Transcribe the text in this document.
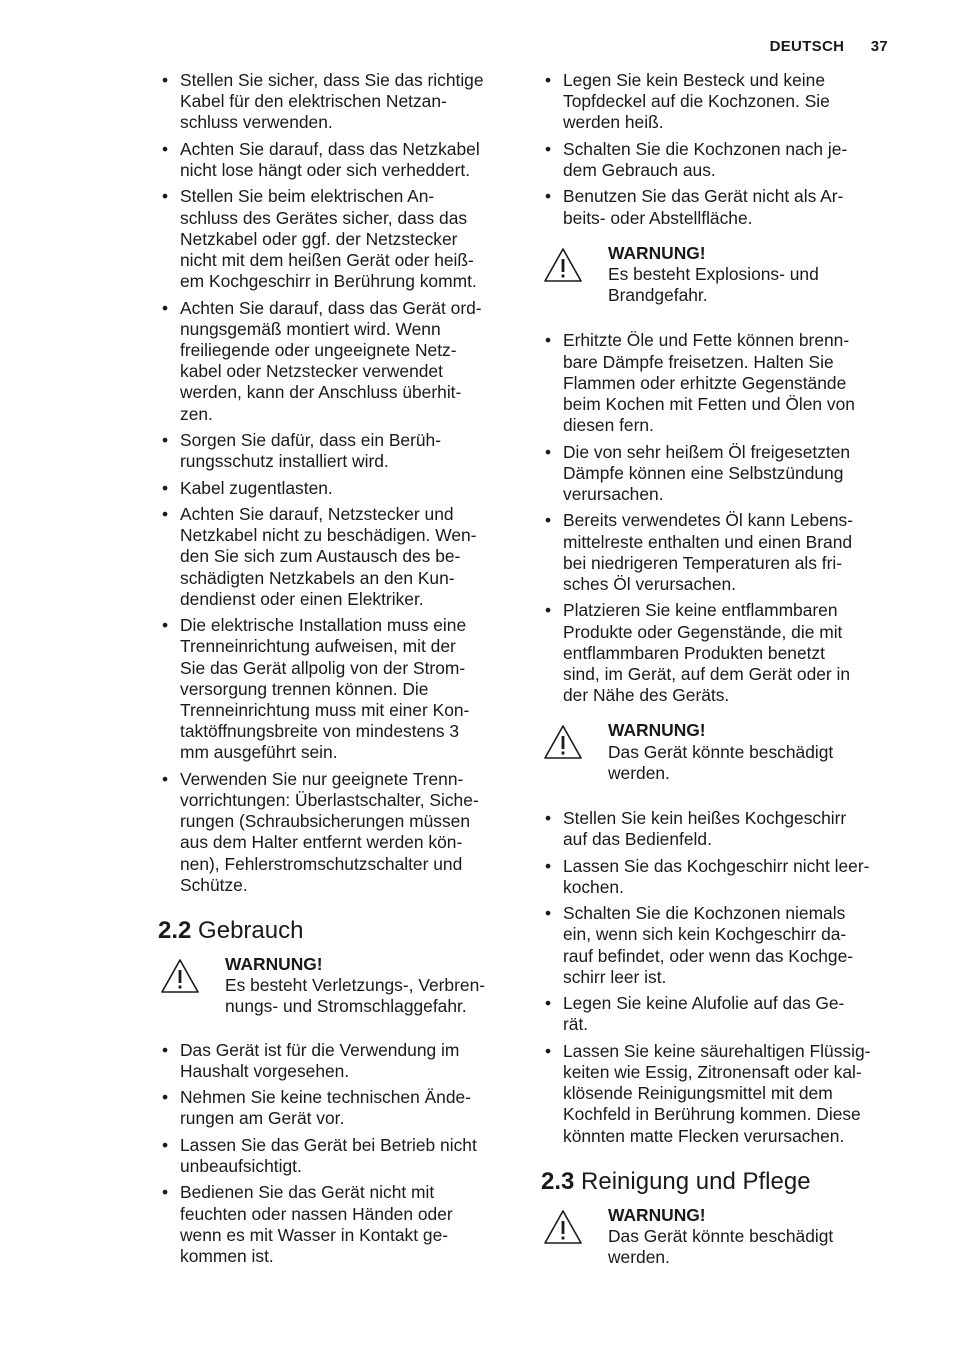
DEUTSCH 37
• Stellen Sie sicher, dass Sie das richtige
Kabel für den elektrischen Netzan-
schluss verwenden.
• Achten Sie darauf, dass das Netzkabel
nicht lose hängt oder sich verheddert.
• Stellen Sie beim elektrischen An-
schluss des Gerätes sicher, dass das
Netzkabel oder ggf. der Netzstecker
nicht mit dem heißen Gerät oder heiß-
em Kochgeschirr in Berührung kommt.
• Achten Sie darauf, dass das Gerät ord-
nungsgemäß montiert wird. Wenn
freiliegende oder ungeeignete Netz-
kabel oder Netzstecker verwendet
werden, kann der Anschluss überhit-
zen.
• Sorgen Sie dafür, dass ein Berüh-
rungsschutz installiert wird.
• Kabel zugentlasten.
• Achten Sie darauf, Netzstecker und
Netzkabel nicht zu beschädigen. Wen-
den Sie sich zum Austausch des be-
schädigten Netzkabels an den Kun-
dendienst oder einen Elektriker.
• Die elektrische Installation muss eine
Trenneinrichtung aufweisen, mit der
Sie das Gerät allpolig von der Strom-
versorgung trennen können. Die
Trenneinrichtung muss mit einer Kon-
taktöffnungsbreite von mindestens 3
mm ausgeführt sein.
• Verwenden Sie nur geeignete Trenn-
vorrichtungen: Überlastschalter, Siche-
rungen (Schraubsicherungen müssen
aus dem Halter entfernt werden kön-
nen), Fehlerstromschutzschalter und
Schütze.
2.2 Gebrauch
WARNUNG!
Es besteht Verletzungs-, Verbren-
nungs- und Stromschlaggefahr.
• Das Gerät ist für die Verwendung im
Haushalt vorgesehen.
• Nehmen Sie keine technischen Ände-
rungen am Gerät vor.
• Lassen Sie das Gerät bei Betrieb nicht
unbeaufsichtigt.
• Bedienen Sie das Gerät nicht mit
feuchten oder nassen Händen oder
wenn es mit Wasser in Kontakt ge-
kommen ist.
• Legen Sie kein Besteck und keine
Topfdeckel auf die Kochzonen. Sie
werden heiß.
• Schalten Sie die Kochzonen nach je-
dem Gebrauch aus.
• Benutzen Sie das Gerät nicht als Ar-
beits- oder Abstellfläche.
WARNUNG!
Es besteht Explosions- und
Brandgefahr.
• Erhitzte Öle und Fette können brenn-
bare Dämpfe freisetzen. Halten Sie
Flammen oder erhitzte Gegenstände
beim Kochen mit Fetten und Ölen von
diesen fern.
• Die von sehr heißem Öl freigesetzten
Dämpfe können eine Selbstzündung
verursachen.
• Bereits verwendetes Öl kann Lebens-
mittelreste enthalten und einen Brand
bei niedrigeren Temperaturen als fri-
sches Öl verursachen.
• Platzieren Sie keine entflammbaren
Produkte oder Gegenstände, die mit
entflammbaren Produkten benetzt
sind, im Gerät, auf dem Gerät oder in
der Nähe des Geräts.
WARNUNG!
Das Gerät könnte beschädigt
werden.
• Stellen Sie kein heißes Kochgeschirr
auf das Bedienfeld.
• Lassen Sie das Kochgeschirr nicht leer-
kochen.
• Schalten Sie die Kochzonen niemals
ein, wenn sich kein Kochgeschirr da-
rauf befindet, oder wenn das Kochge-
schirr leer ist.
• Legen Sie keine Alufolie auf das Ge-
rät.
• Lassen Sie keine säurehaltigen Flüssig-
keiten wie Essig, Zitronensaft oder kal-
klösende Reinigungsmittel mit dem
Kochfeld in Berührung kommen. Diese
könnten matte Flecken verursachen.
2.3 Reinigung und Pflege
WARNUNG!
Das Gerät könnte beschädigt
werden.
